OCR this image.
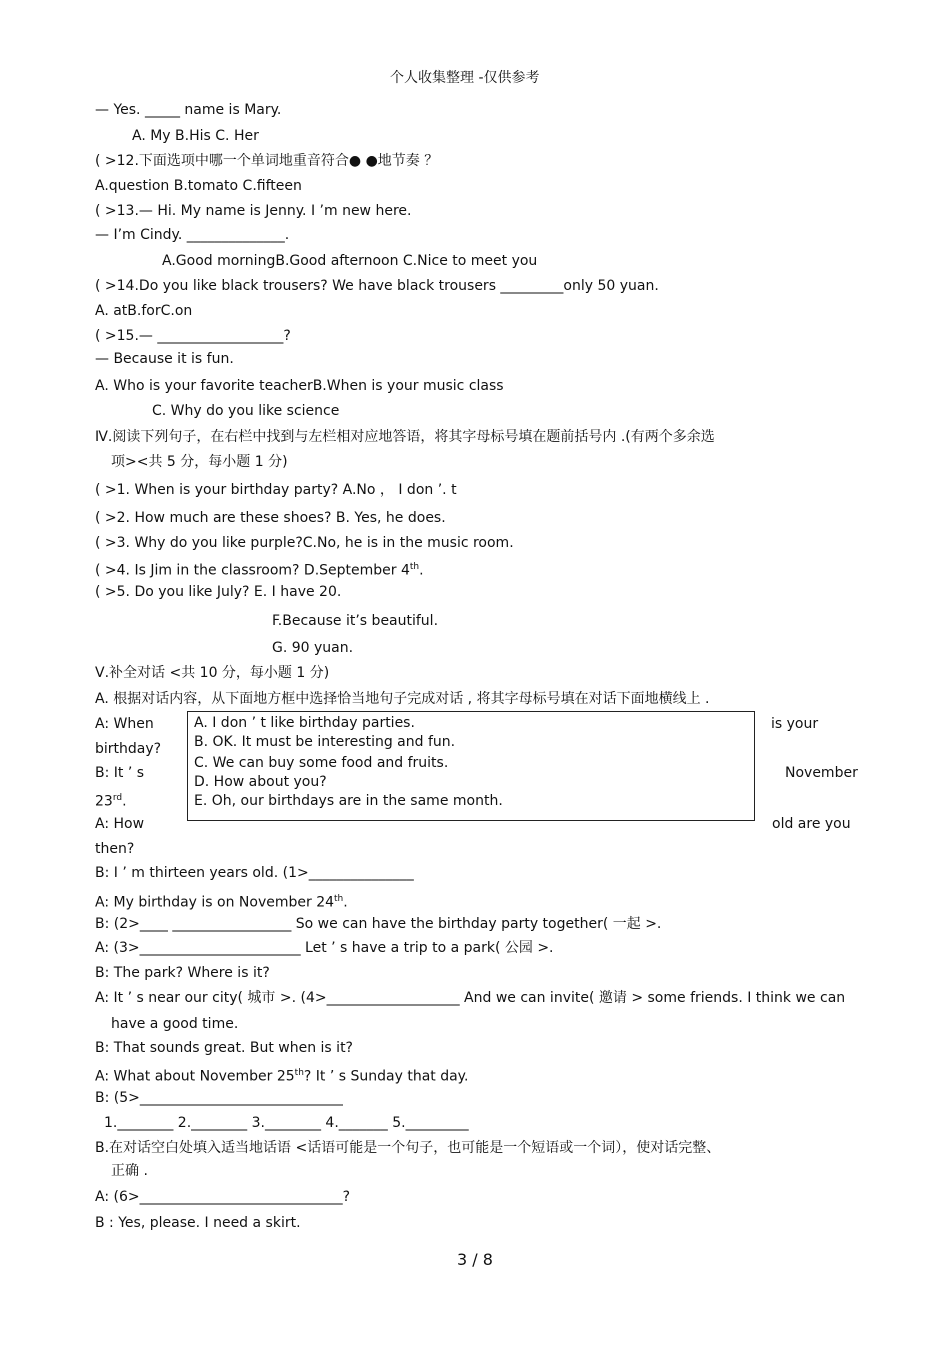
个人收集整理 -仅供参考
— Yes. _____ name is Mary.
A. My B.His C. Her
( >12.下面选项中哪一个单词地重音符合● ●地节奏 ？
A.question B.tomato C.fifteen
( >13.— Hi. My name is Jenny. I ’m new here.
— I’m Cindy. ______________.
A.Good morningB.Good afternoon C.Nice to meet you
( >14.Do you like black trousers? We have black trousers _________only 50 yuan.
A. atB.forC.on
( >15.— __________________?
— Because it is fun.
A. Who is your favorite teacherB.When is your music class
C. Why do you like science
Ⅳ.阅读下列句子，在右栏中找到与左栏相对应地答语，将其字母标号填在题前括号内 .(有两个多余选
项><共 5 分，每小题 1 分)
( >1. When is your birthday party? A.No ， I don ’. t
( >2. How much are these shoes? B. Yes, he does.
( >3. Why do you like purple?C.No, he is in the music room.
( >4. Is Jim in the classroom? D.September 4th.
( >5. Do you like July? E. I have 20.
F.Because it’s beautiful.
G. 90 yuan.
Ⅴ.补全对话 <共 10 分，每小题 1 分)
A. 根据对话内容，从下面地方框中选择恰当地句子完成对话 , 将其字母标号填在对话下面地横线上 .
A: When	is your
birthday?
B: It ’ s	November
23rd.
A: How	old are you
then?
A. I don ’ t like birthday parties.
B. OK. It must be interesting and fun.
C. We can buy some food and fruits.
D. How about you?
E. Oh, our birthdays are in the same month.
B: I ’ m thirteen years old. (1>_______________
A: My birthday is on November 24th.
B: (2>____ _________________ So we can have the birthday party together( 一起 >.
A: (3>_______________________ Let ’ s have a trip to a park( 公园 >.
B: The park? Where is it?
A: It ’ s near our city( 城市 >. (4>___________________ And we can invite( 邀请 > some friends. I think we can
have a good time.
B: That sounds great. But when is it?
A: What about November 25th? It ’ s Sunday that day.
B: (5>_____________________________
1.________ 2.________ 3.________ 4._______ 5._________
B.在对话空白处填入适当地话语 <话语可能是一个句子，也可能是一个短语或一个词），使对话完整、
正确 .
A: (6>_____________________________?
B : Yes, please. I need a skirt.
3 / 8
